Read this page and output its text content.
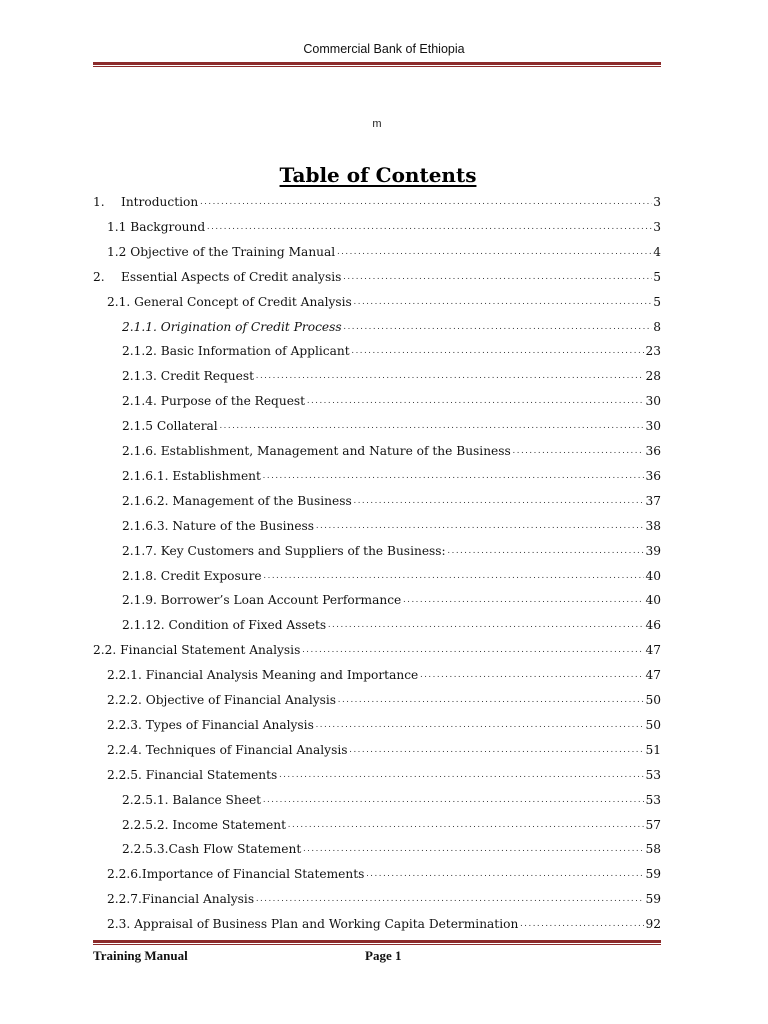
Commercial Bank of Ethiopia
m
Table of Contents
1.	Introduction .....	3
1.1 Background .....	3
1.2 Objective of the Training Manual .....	4
2.	Essential Aspects of Credit analysis .....	5
2.1. General Concept of Credit Analysis .....	5
2.1.1. Origination of Credit Process .....	8
2.1.2. Basic Information of Applicant .....	23
2.1.3. Credit Request .....	28
2.1.4. Purpose of the Request .....	30
2.1.5 Collateral .....	30
2.1.6. Establishment, Management and Nature of the Business .....	36
2.1.6.1. Establishment .....	36
2.1.6.2. Management of the Business .....	37
2.1.6.3. Nature of the Business .....	38
2.1.7. Key Customers and Suppliers of the Business: .....	39
2.1.8. Credit Exposure .....	40
2.1.9. Borrower’s Loan Account Performance .....	40
2.1.12. Condition of Fixed Assets .....	46
2.2. Financial Statement Analysis .....	47
2.2.1. Financial Analysis Meaning and Importance .....	47
2.2.2. Objective of Financial Analysis .....	50
2.2.3. Types of Financial Analysis .....	50
2.2.4. Techniques of Financial Analysis .....	51
2.2.5. Financial Statements .....	53
2.2.5.1. Balance Sheet .....	53
2.2.5.2. Income Statement .....	57
2.2.5.3.Cash Flow Statement .....	58
2.2.6.Importance of Financial Statements .....	59
2.2.7.Financial Analysis .....	59
2.3. Appraisal of Business Plan and Working Capita Determination .....	92
Training Manual	Page 1
